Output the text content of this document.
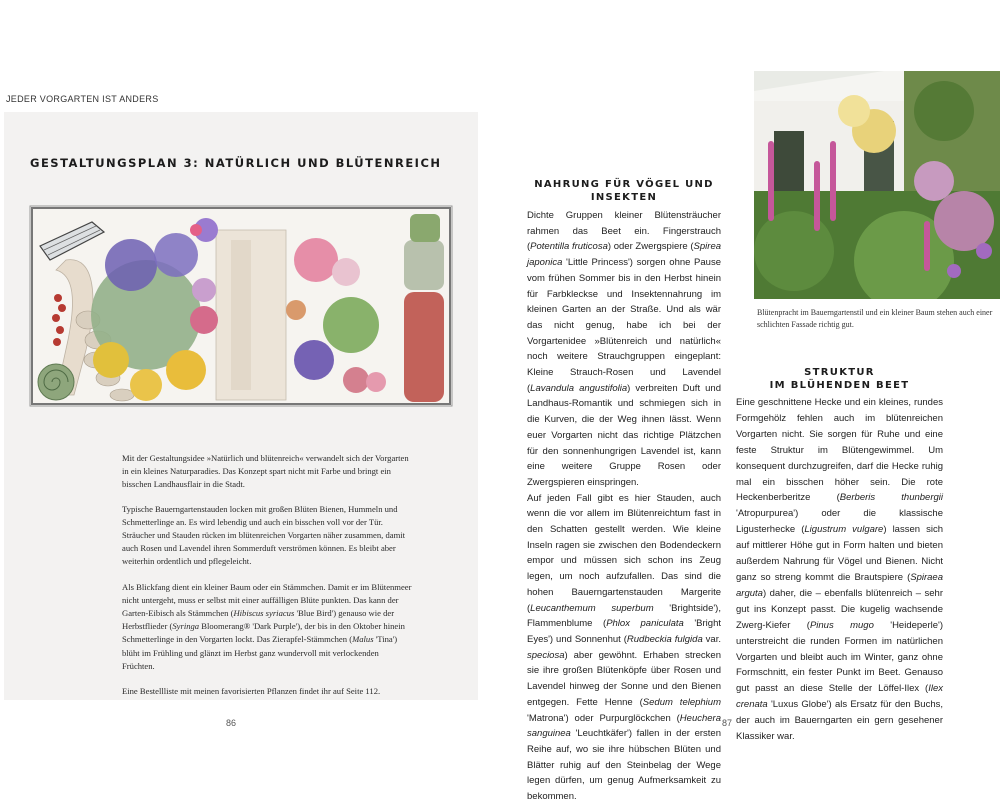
JEDER VORGARTEN IST ANDERS
GESTALTUNGSPLAN 3: NATÜRLICH UND BLÜTENREICH

Mit der Gestaltungsidee »Natürlich und blütenreich« verwandelt sich der Vorgarten in ein kleines Naturparadies. Das Konzept spart nicht mit Farbe und bringt ein bisschen Landhausflair in die Stadt.

Typische Bauerngartenstauden locken mit großen Blüten Bienen, Hummeln und Schmetterlinge an. Es wird lebendig und auch ein bisschen voll vor der Tür. Sträucher und Stauden rücken im blütenreichen Vorgarten näher zusammen, damit auch Rosen und Lavendel ihren Sommerduft verströmen können. Es bleibt aber weiterhin ordentlich und pflegeleicht.

Als Blickfang dient ein kleiner Baum oder ein Stämmchen. Damit er im Blütenmeer nicht untergeht, muss er selbst mit einer auffälligen Blüte punkten. Das kann der Garten-Eibisch als Stämmchen (Hibiscus syriacus 'Blue Bird') genauso wie der Herbstflieder (Syringa Bloomerang® 'Dark Purple'), der bis in den Oktober hinein Schmetterlinge in den Vorgarten lockt. Das Zierapfel-Stämmchen (Malus 'Tina') blüht im Frühling und glänzt im Herbst ganz wundervoll mit verlockenden Früchten.

Eine Bestellliste mit meinen favorisierten Pflanzen findet ihr auf Seite 112.

86
NAHRUNG FÜR VÖGEL UND
INSEKTEN

Dichte Gruppen kleiner Blütensträucher rahmen das Beet ein. Fingerstrauch (Potentilla fruticosa) oder Zwergspiere (Spirea japonica 'Little Princess') sorgen ohne Pause vom frühen Sommer bis in den Herbst hinein für Farbkleckse und Insektennahrung im kleinen Garten an der Straße. Und als wär das nicht genug, habe ich bei der Vorgartenidee »Blütenreich und natürlich« noch weitere Strauchgruppen eingeplant: Kleine Strauch-Rosen und Lavendel (Lavandula angustifolia) verbreiten Duft und Landhaus-Romantik und schmiegen sich in die Kurven, die der Weg ihnen lässt. Wenn euer Vorgarten nicht das richtige Plätzchen für den sonnenhungrigen Lavendel ist, kann eine weitere Gruppe Rosen oder Zwergspieren einspringen.

Auf jeden Fall gibt es hier Stauden, auch wenn die vor allem im Blütenreichtum fast in den Schatten gestellt werden. Wie kleine Inseln ragen sie zwischen den Bodendeckern empor und müssen sich schon ins Zeug legen, um noch aufzufallen. Das sind die hohen Bauerngartenstauden Margerite (Leucanthemum superbum 'Brightside'), Flammenblume (Phlox paniculata 'Bright Eyes') und Sonnenhut (Rudbeckia fulgida var. speciosa) aber gewöhnt. Erhaben strecken sie ihre großen Blütenköpfe über Rosen und Lavendel hinweg der Sonne und den Bienen entgegen. Fette Henne (Sedum telephium 'Matrona') oder Purpurglöckchen (Heuchera sanguinea 'Leuchtkäfer') fallen in der ersten Reihe auf, wo sie ihre hübschen Blüten und Blätter ruhig auf den Steinbelag der Wege legen dürfen, um genug Aufmerksamkeit zu bekommen.

Blütenpracht im Bauerngartenstil und ein kleiner Baum stehen auch einer schlichten Fassade richtig gut.
STRUKTUR
IM BLÜHENDEN BEET

Eine geschnittene Hecke und ein kleines, rundes Formgehölz fehlen auch im blütenreichen Vorgarten nicht. Sie sorgen für Ruhe und eine feste Struktur im Blütengewimmel. Um konsequent durchzugreifen, darf die Hecke ruhig mal ein bisschen höher sein. Die rote Heckenberberitze (Berberis thunbergii 'Atropurpurea') oder die klassische Ligusterhecke (Ligustrum vulgare) lassen sich auf mittlerer Höhe gut in Form halten und bieten außerdem Nahrung für Vögel und Bienen. Nicht ganz so streng kommt die Brautspiere (Spiraea arguta) daher, die – ebenfalls blütenreich – sehr gut ins Konzept passt. Die kugelig wachsende Zwerg-Kiefer (Pinus mugo 'Heideperle') unterstreicht die runden Formen im natürlichen Vorgarten und bleibt auch im Winter, ganz ohne Formschnitt, ein fester Punkt im Beet. Genauso gut passt an diese Stelle der Löffel-Ilex (Ilex crenata 'Luxus Globe') als Ersatz für den Buchs, der auch im Bauerngarten ein gern gesehener Klassiker war.

87
